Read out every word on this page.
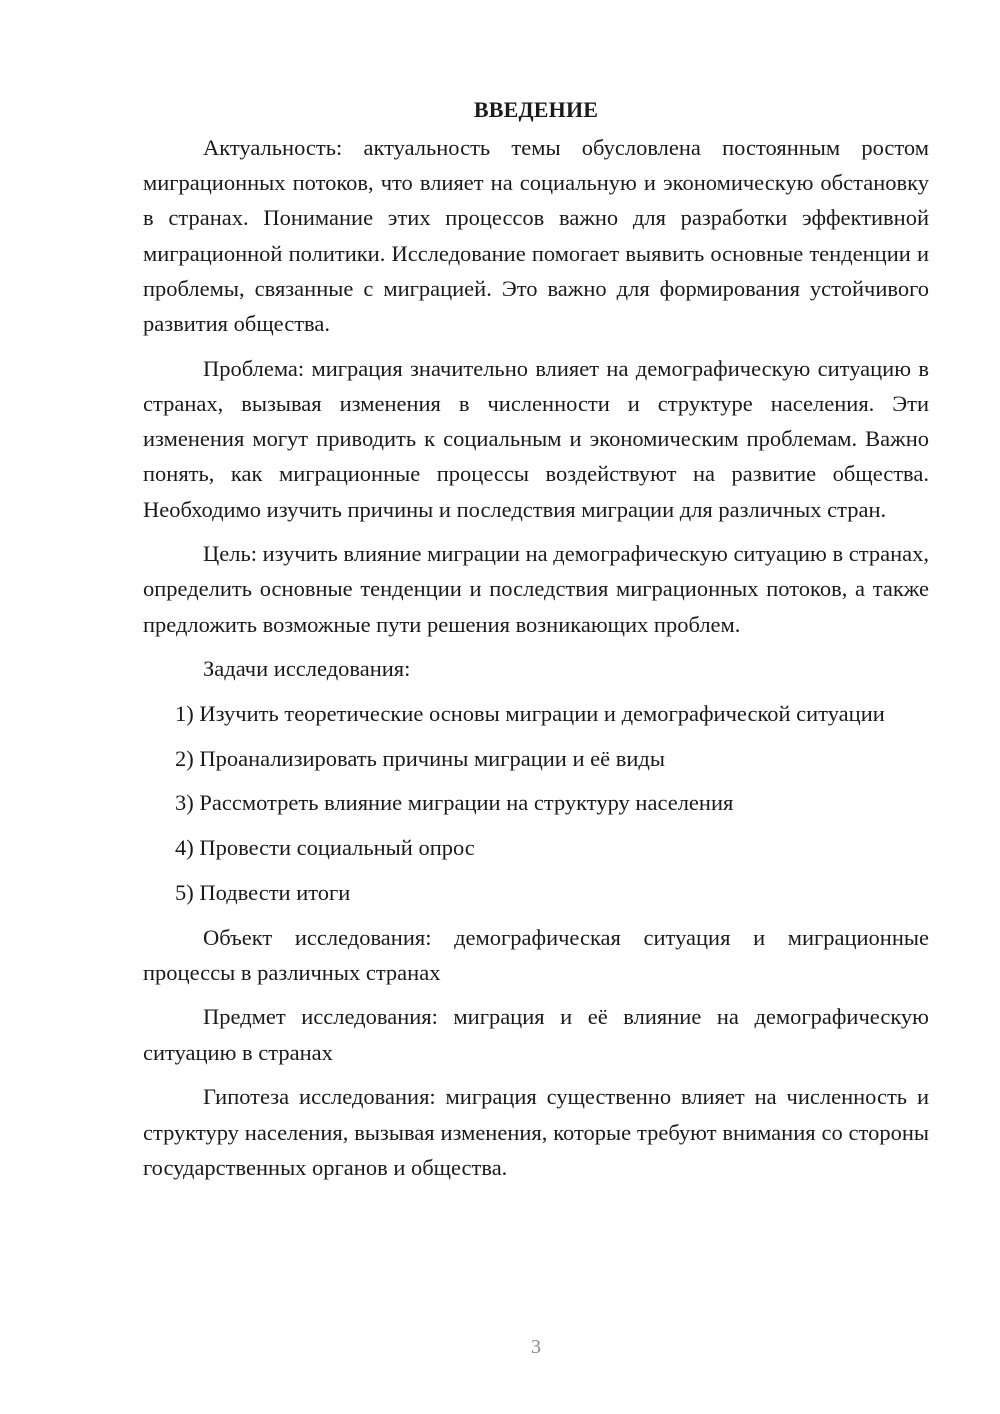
ВВЕДЕНИЕ

Актуальность: актуальность темы обусловлена постоянным ростом миграционных потоков, что влияет на социальную и экономическую обстановку в странах. Понимание этих процессов важно для разработки эффективной миграционной политики. Исследование помогает выявить основные тенденции и проблемы, связанные с миграцией. Это важно для формирования устойчивого развития общества.

Проблема: миграция значительно влияет на демографическую ситуацию в странах, вызывая изменения в численности и структуре населения. Эти изменения могут приводить к социальным и экономическим проблемам. Важно понять, как миграционные процессы воздействуют на развитие общества. Необходимо изучить причины и последствия миграции для различных стран.

Цель: изучить влияние миграции на демографическую ситуацию в странах, определить основные тенденции и последствия миграционных потоков, а также предложить возможные пути решения возникающих проблем.

Задачи исследования:

1) Изучить теоретические основы миграции и демографической ситуации

2) Проанализировать причины миграции и её виды

3) Рассмотреть влияние миграции на структуру населения

4) Провести социальный опрос

5) Подвести итоги

Объект исследования: демографическая ситуация и миграционные процессы в различных странах

Предмет исследования: миграция и её влияние на демографическую ситуацию в странах

Гипотеза исследования: миграция существенно влияет на численность и структуру населения, вызывая изменения, которые требуют внимания со стороны государственных органов и общества.

3
